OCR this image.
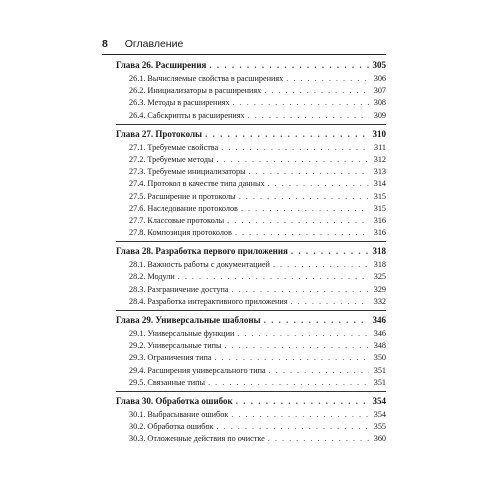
8 Оглавление
Глава 26. Расширения . . .	305
26.1. Вычисляемые свойства в расширениях . . .	306
26.2. Инициализаторы в расширениях . . .	307
26.3. Методы в расширениях . . .	308
26.4. Сабскрипты в расширениях . . .	309
Глава 27. Протоколы . . .	310
27.1. Требуемые свойства . . .	311
27.2. Требуемые методы . . .	312
27.3. Требуемые инициализаторы . . .	313
27.4. Протокол в качестве типа данных . . .	314
27.5. Расширение и протоколы . . .	315
27.6. Наследование протоколов . . .	315
27.7. Классовые протоколы . . .	316
27.8. Композиция протоколов . . .	316
Глава 28. Разработка первого приложения . . .	318
28.1. Важность работы с документацией . . .	318
28.2. Модули . . .	325
28.3. Разграничение доступа . . .	329
28.4. Разработка интерактивного приложения . . .	332
Глава 29. Универсальные шаблоны . . .	346
29.1. Универсальные функции . . .	346
29.2. Универсальные типы . . .	348
29.3. Ограничения типа . . .	350
29.4. Расширения универсального типа . . .	351
29.5. Связанные типы . . .	351
Глава 30. Обработка ошибок . . .	354
30.1. Выбрасывание ошибок . . .	354
30.2. Обработка ошибок . . .	355
30.3. Отложенные действия по очистке . . .	360
